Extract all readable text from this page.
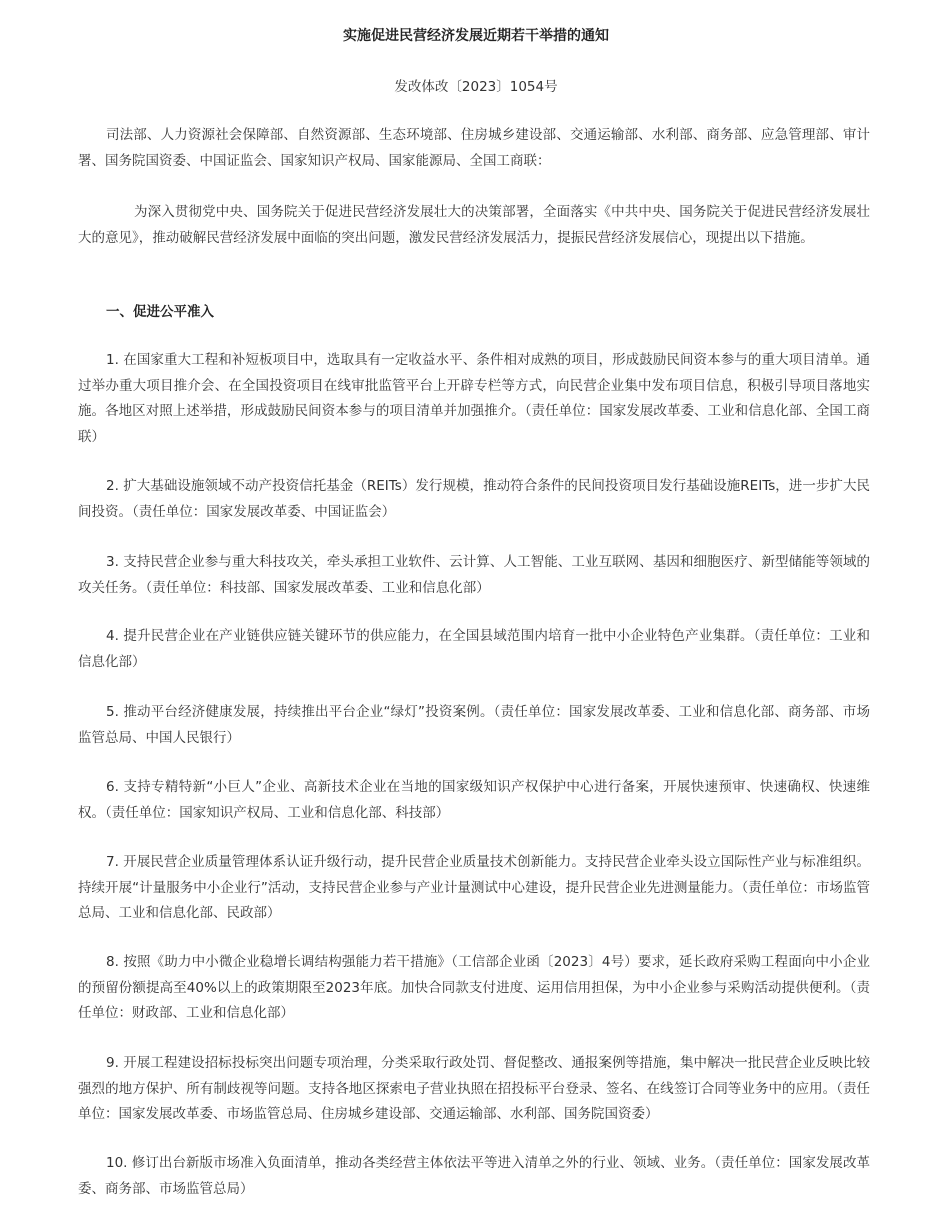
实施促进民营经济发展近期若干举措的通知
发改体改〔2023〕1054号

司法部、人力资源社会保障部、自然资源部、生态环境部、住房城乡建设部、交通运输部、水利部、商务部、应急管理部、审计署、国务院国资委、中国证监会、国家知识产权局、国家能源局、全国工商联：

为深入贯彻党中央、国务院关于促进民营经济发展壮大的决策部署，全面落实《中共中央、国务院关于促进民营经济发展壮大的意见》，推动破解民营经济发展中面临的突出问题，激发民营经济发展活力，提振民营经济发展信心，现提出以下措施。

一、促进公平准入

1. 在国家重大工程和补短板项目中，选取具有一定收益水平、条件相对成熟的项目，形成鼓励民间资本参与的重大项目清单。通过举办重大项目推介会、在全国投资项目在线审批监管平台上开辟专栏等方式，向民营企业集中发布项目信息，积极引导项目落地实施。各地区对照上述举措，形成鼓励民间资本参与的项目清单并加强推介。（责任单位：国家发展改革委、工业和信息化部、全国工商联）

2. 扩大基础设施领域不动产投资信托基金（REITs）发行规模，推动符合条件的民间投资项目发行基础设施REITs，进一步扩大民间投资。（责任单位：国家发展改革委、中国证监会）

3. 支持民营企业参与重大科技攻关，牵头承担工业软件、云计算、人工智能、工业互联网、基因和细胞医疗、新型储能等领域的攻关任务。（责任单位：科技部、国家发展改革委、工业和信息化部）

4. 提升民营企业在产业链供应链关键环节的供应能力，在全国县域范围内培育一批中小企业特色产业集群。（责任单位：工业和信息化部）

5. 推动平台经济健康发展，持续推出平台企业“绿灯”投资案例。（责任单位：国家发展改革委、工业和信息化部、商务部、市场监管总局、中国人民银行）

6. 支持专精特新“小巨人”企业、高新技术企业在当地的国家级知识产权保护中心进行备案，开展快速预审、快速确权、快速维权。（责任单位：国家知识产权局、工业和信息化部、科技部）

7. 开展民营企业质量管理体系认证升级行动，提升民营企业质量技术创新能力。支持民营企业牵头设立国际性产业与标准组织。持续开展“计量服务中小企业行”活动，支持民营企业参与产业计量测试中心建设，提升民营企业先进测量能力。（责任单位：市场监管总局、工业和信息化部、民政部）

8. 按照《助力中小微企业稳增长调结构强能力若干措施》（工信部企业函〔2023〕4号）要求，延长政府采购工程面向中小企业的预留份额提高至40%以上的政策期限至2023年底。加快合同款支付进度、运用信用担保，为中小企业参与采购活动提供便利。（责任单位：财政部、工业和信息化部）

9. 开展工程建设招标投标突出问题专项治理，分类采取行政处罚、督促整改、通报案例等措施，集中解决一批民营企业反映比较强烈的地方保护、所有制歧视等问题。支持各地区探索电子营业执照在招投标平台登录、签名、在线签订合同等业务中的应用。（责任单位：国家发展改革委、市场监管总局、住房城乡建设部、交通运输部、水利部、国务院国资委）

10. 修订出台新版市场准入负面清单，推动各类经营主体依法平等进入清单之外的行业、领域、业务。（责任单位：国家发展改革委、商务部、市场监管总局）
